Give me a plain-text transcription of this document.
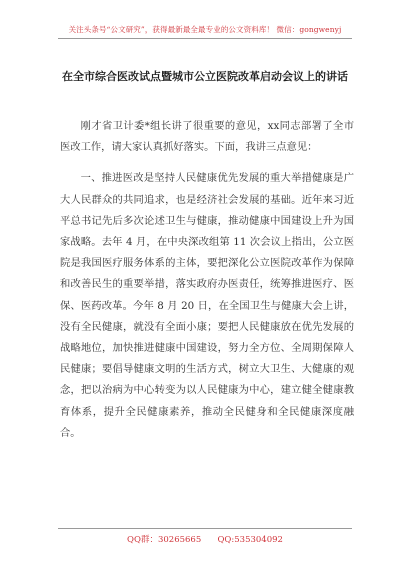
关注头条号“公文研究”，获得最新最全最专业的公文资料库！ 微信：gongwenyj
在全市综合医改试点暨城市公立医院改革启动会议上的讲话

刚才省卫计委*组长讲了很重要的意见，xx同志部署了全市医改工作，请大家认真抓好落实。下面，我讲三点意见：

一、推进医改是坚持人民健康优先发展的重大举措健康是广大人民群众的共同追求，也是经济社会发展的基础。近年来习近平总书记先后多次论述卫生与健康，推动健康中国建设上升为国家战略。去年 4 月，在中央深改组第 11 次会议上指出，公立医院是我国医疗服务体系的主体，要把深化公立医院改革作为保障和改善民生的重要举措，落实政府办医责任，统筹推进医疗、医保、医药改革。今年 8 月 20 日，在全国卫生与健康大会上讲，没有全民健康，就没有全面小康；要把人民健康放在优先发展的战略地位，加快推进健康中国建设，努力全方位、全周期保障人民健康；要倡导健康文明的生活方式，树立大卫生、大健康的观念，把以治病为中心转变为以人民健康为中心，建立健全健康教育体系，提升全民健康素养，推动全民健身和全民健康深度融合。

QQ群：30265665      QQ:535304092
